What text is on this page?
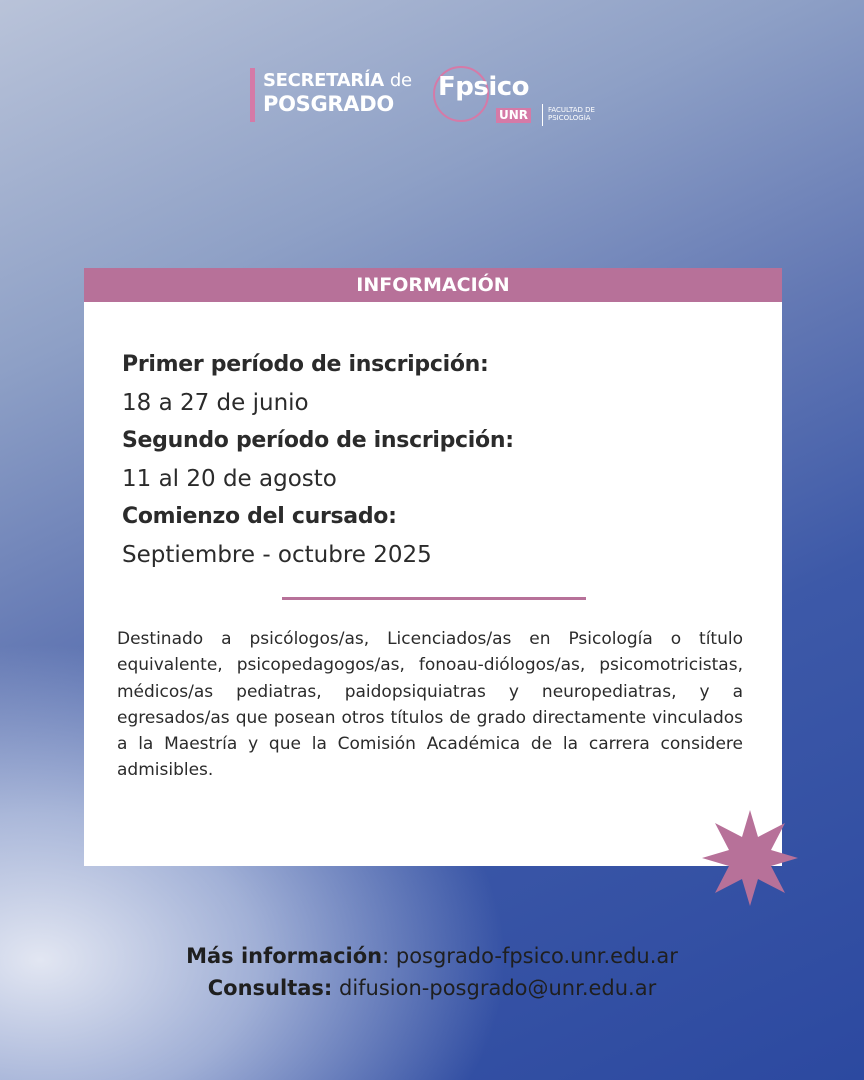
SECRETARÍA de
POSGRADO
Fpsico
UNR	FACULTAD DE
PSICOLOGÍA
INFORMACIÓN
Primer período de inscripción:
18 a 27 de junio
Segundo período de inscripción:
11 al 20 de agosto
Comienzo del cursado:
Septiembre - octubre 2025
Destinado a psicólogos/as, Licenciados/as en Psicología o título equivalente, psicopedagogos/as, fonoau-diólogos/as, psicomotricistas, médicos/as pediatras, paidopsiquiatras y neuropediatras, y a egresados/as que posean otros títulos de grado directamente vinculados a la Maestría y que la Comisión Académica de la carrera considere admisibles.
Más información: posgrado-fpsico.unr.edu.ar
Consultas: difusion-posgrado@unr.edu.ar
